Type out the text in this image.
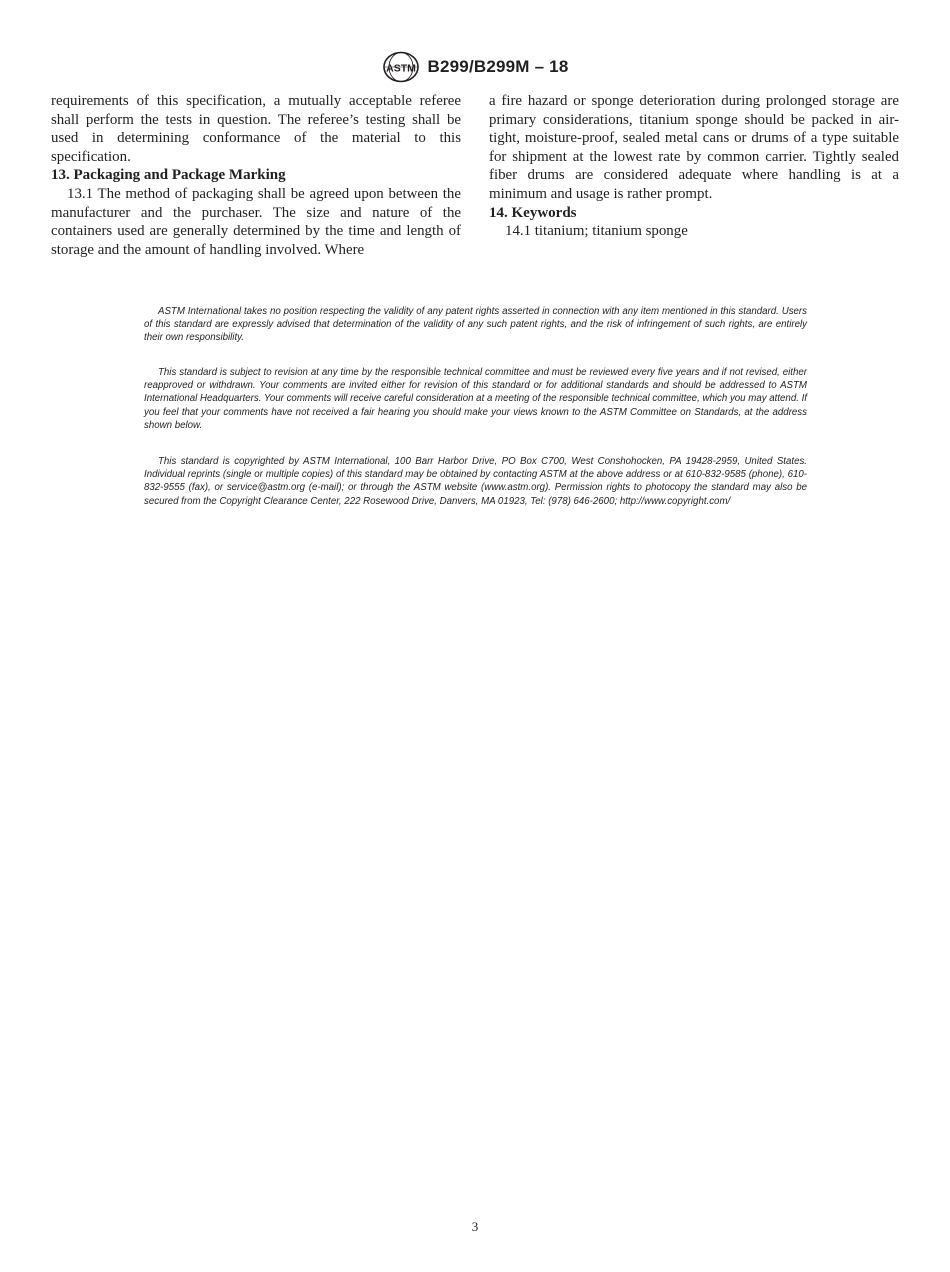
ASTM B299/B299M – 18

requirements of this specification, a mutually acceptable referee shall perform the tests in question. The referee’s testing shall be used in determining conformance of the material to this specification.

13. Packaging and Package Marking

13.1 The method of packaging shall be agreed upon between the manufacturer and the purchaser. The size and nature of the containers used are generally determined by the time and length of storage and the amount of handling involved. Where

a fire hazard or sponge deterioration during prolonged storage are primary considerations, titanium sponge should be packed in air-tight, moisture-proof, sealed metal cans or drums of a type suitable for shipment at the lowest rate by common carrier. Tightly sealed fiber drums are considered adequate where handling is at a minimum and usage is rather prompt.

14. Keywords

14.1 titanium; titanium sponge

ASTM International takes no position respecting the validity of any patent rights asserted in connection with any item mentioned in this standard. Users of this standard are expressly advised that determination of the validity of any such patent rights, and the risk of infringement of such rights, are entirely their own responsibility.

This standard is subject to revision at any time by the responsible technical committee and must be reviewed every five years and if not revised, either reapproved or withdrawn. Your comments are invited either for revision of this standard or for additional standards and should be addressed to ASTM International Headquarters. Your comments will receive careful consideration at a meeting of the responsible technical committee, which you may attend. If you feel that your comments have not received a fair hearing you should make your views known to the ASTM Committee on Standards, at the address shown below.

This standard is copyrighted by ASTM International, 100 Barr Harbor Drive, PO Box C700, West Conshohocken, PA 19428-2959, United States. Individual reprints (single or multiple copies) of this standard may be obtained by contacting ASTM at the above address or at 610-832-9585 (phone), 610-832-9555 (fax), or service@astm.org (e-mail); or through the ASTM website (www.astm.org). Permission rights to photocopy the standard may also be secured from the Copyright Clearance Center, 222 Rosewood Drive, Danvers, MA 01923, Tel: (978) 646-2600; http://www.copyright.com/

3
